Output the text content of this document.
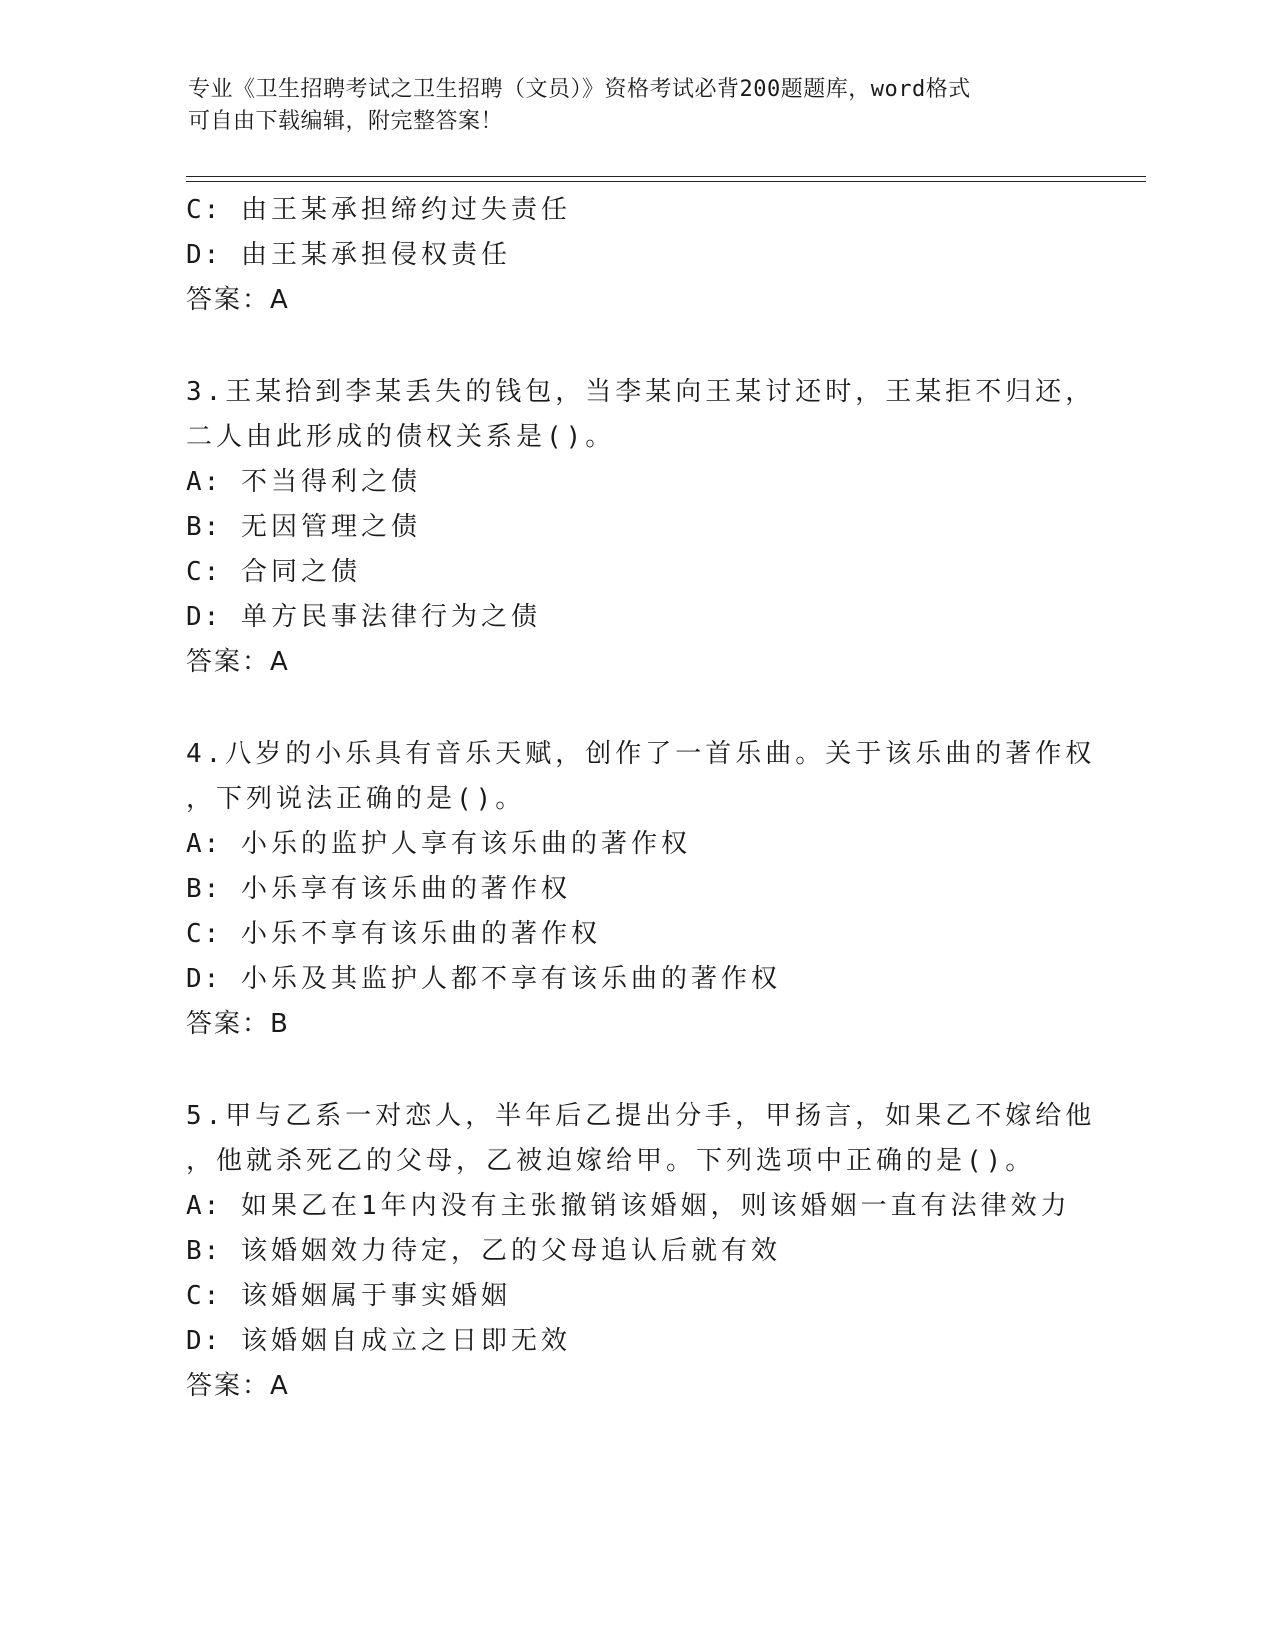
专业《卫生招聘考试之卫生招聘（文员）》资格考试必背200题题库，word格式
可自由下载编辑，附完整答案！
C: 由王某承担缔约过失责任
D: 由王某承担侵权责任
答案：A
3.王某拾到李某丢失的钱包，当李某向王某讨还时，王某拒不归还，
二人由此形成的债权关系是()。
A: 不当得利之债
B: 无因管理之债
C: 合同之债
D: 单方民事法律行为之债
答案：A
4.八岁的小乐具有音乐天赋，创作了一首乐曲。关于该乐曲的著作权
，下列说法正确的是()。
A: 小乐的监护人享有该乐曲的著作权
B: 小乐享有该乐曲的著作权
C: 小乐不享有该乐曲的著作权
D: 小乐及其监护人都不享有该乐曲的著作权
答案：B
5.甲与乙系一对恋人，半年后乙提出分手，甲扬言，如果乙不嫁给他
，他就杀死乙的父母，乙被迫嫁给甲。下列选项中正确的是()。
A: 如果乙在1年内没有主张撤销该婚姻，则该婚姻一直有法律效力
B: 该婚姻效力待定，乙的父母追认后就有效
C: 该婚姻属于事实婚姻
D: 该婚姻自成立之日即无效
答案：A
